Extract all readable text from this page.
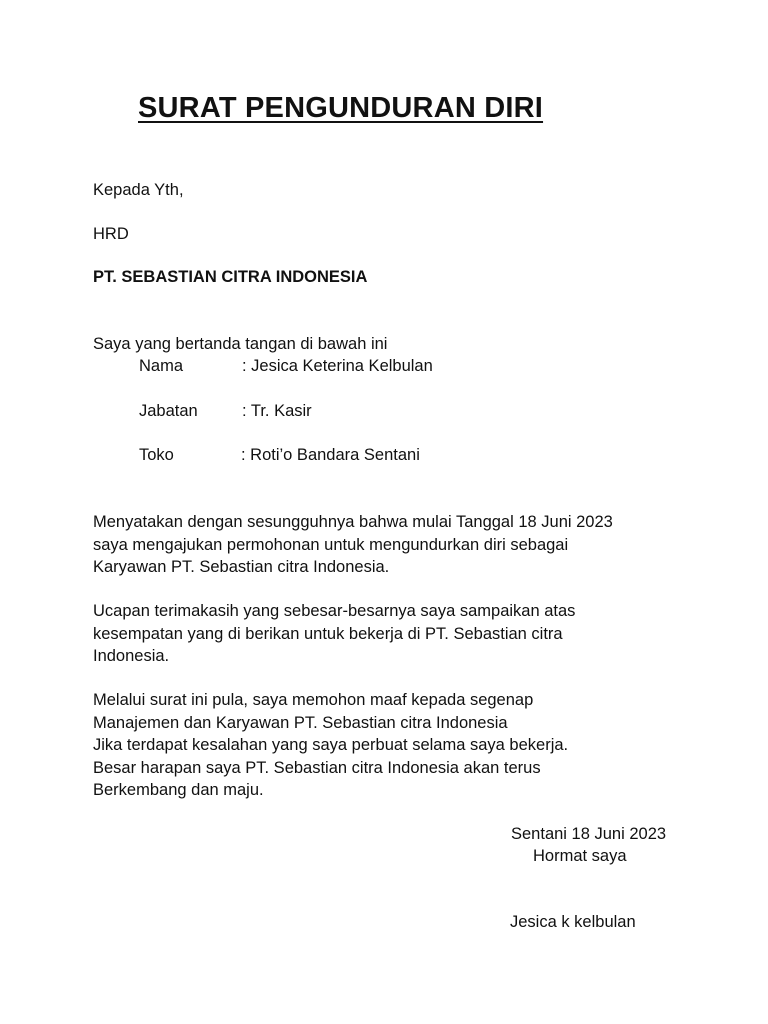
SURAT PENGUNDURAN DIRI
Kepada Yth,
HRD
PT. SEBASTIAN CITRA INDONESIA
Saya yang bertanda tangan di bawah ini
Nama	: Jesica Keterina Kelbulan
Jabatan	: Tr. Kasir
Toko	: Roti’o Bandara Sentani
Menyatakan dengan sesungguhnya bahwa mulai Tanggal 18 Juni 2023
saya mengajukan permohonan untuk mengundurkan diri sebagai
Karyawan PT. Sebastian citra Indonesia.
Ucapan terimakasih yang sebesar-besarnya saya sampaikan atas
kesempatan yang di berikan untuk bekerja di PT. Sebastian citra
Indonesia.
Melalui surat ini pula, saya memohon maaf kepada segenap
Manajemen dan Karyawan PT. Sebastian citra Indonesia
Jika terdapat kesalahan yang saya perbuat selama saya bekerja.
Besar harapan saya PT. Sebastian citra Indonesia akan terus
Berkembang dan maju.
Sentani 18 Juni 2023
Hormat saya
Jesica k kelbulan
